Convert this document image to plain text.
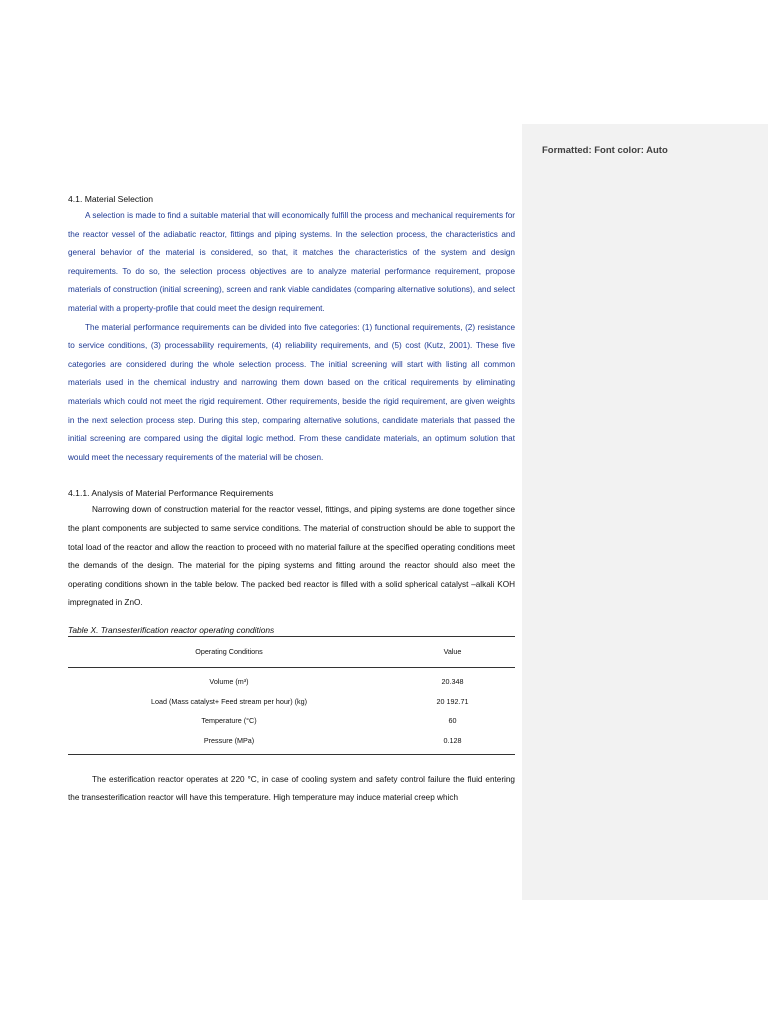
Formatted: Font color: Auto
4.1. Material Selection

A selection is made to find a suitable material that will economically fulfill the process and mechanical requirements for the reactor vessel of the adiabatic reactor, fittings and piping systems. In the selection process, the characteristics and general behavior of the material is considered, so that, it matches the characteristics of the system and design requirements. To do so, the selection process objectives are to analyze material performance requirement, propose materials of construction (initial screening), screen and rank viable candidates (comparing alternative solutions), and select material with a property-profile that could meet the design requirement.

The material performance requirements can be divided into five categories: (1) functional requirements, (2) resistance to service conditions, (3) processability requirements, (4) reliability requirements, and (5) cost (Kutz, 2001). These five categories are considered during the whole selection process. The initial screening will start with listing all common materials used in the chemical industry and narrowing them down based on the critical requirements by eliminating materials which could not meet the rigid requirement. Other requirements, beside the rigid requirement, are given weights in the next selection process step. During this step, comparing alternative solutions, candidate materials that passed the initial screening are compared using the digital logic method. From these candidate materials, an optimum solution that would meet the necessary requirements of the material will be chosen.

4.1.1. Analysis of Material Performance Requirements

Narrowing down of construction material for the reactor vessel, fittings, and piping systems are done together since the plant components are subjected to same service conditions. The material of construction should be able to support the total load of the reactor and allow the reaction to proceed with no material failure at the specified operating conditions meet the demands of the design. The material for the piping systems and fitting around the reactor should also meet the operating conditions shown in the table below. The packed bed reactor is filled with a solid spherical catalyst –alkali KOH impregnated in ZnO.

Table X. Transesterification reactor operating conditions

Operating Conditions	Value
Volume (m³)	20.348
Load (Mass catalyst+ Feed stream per hour) (kg)	20 192.71
Temperature (°C)	60
Pressure (MPa)	0.128

The esterification reactor operates at 220 °C, in case of cooling system and safety control failure the fluid entering the transesterification reactor will have this temperature. High temperature may induce material creep which
